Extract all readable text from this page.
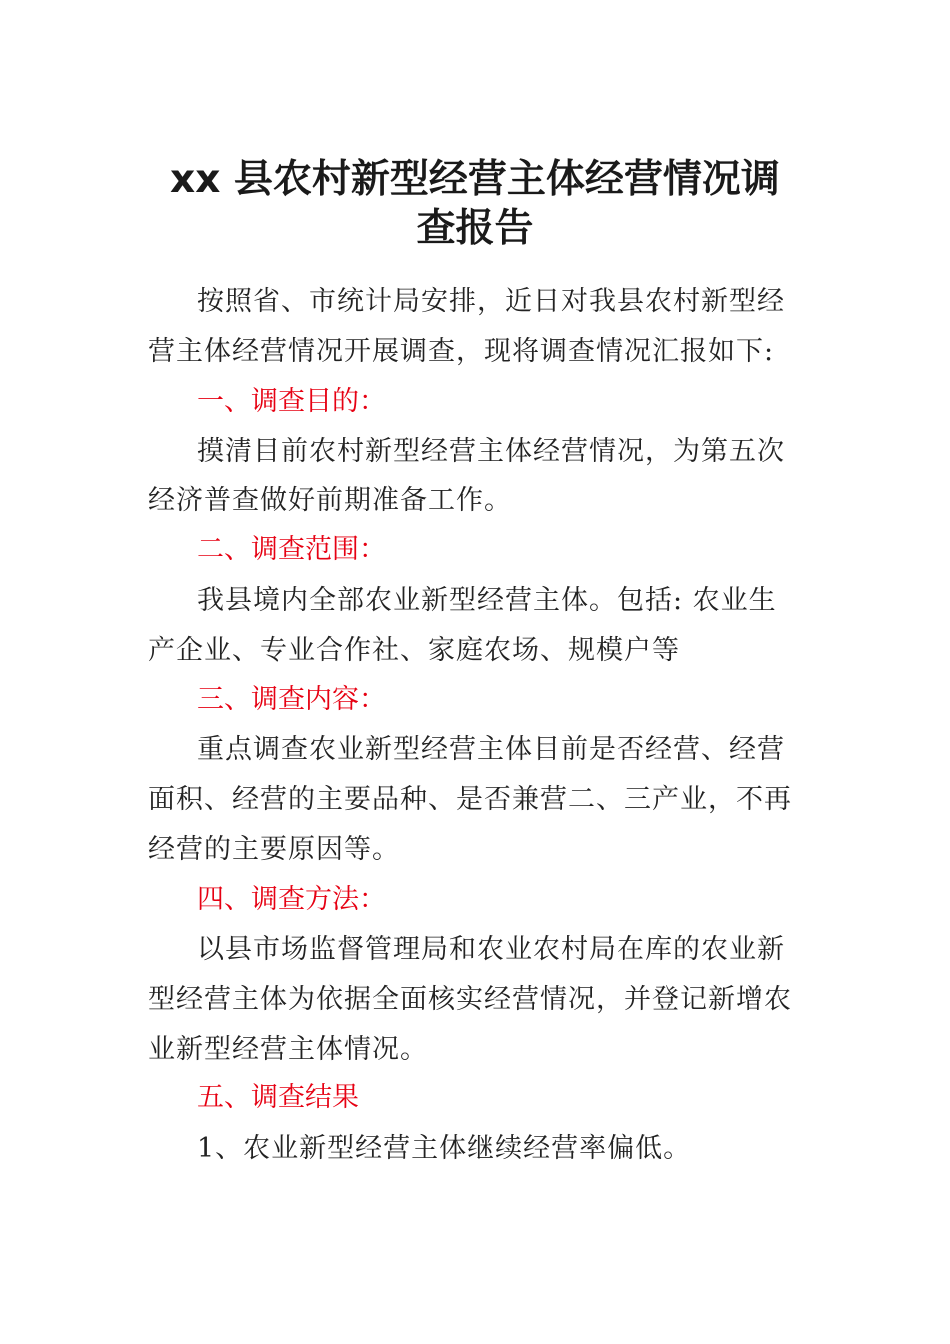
xx 县农村新型经营主体经营情况调
查报告
按照省、市统计局安排，近日对我县农村新型经
营主体经营情况开展调查，现将调查情况汇报如下:
一、调查目的：
摸清目前农村新型经营主体经营情况，为第五次
经济普查做好前期准备工作。
二、调查范围：
我县境内全部农业新型经营主体。包括: 农业生
产企业、专业合作社、家庭农场、规模户等
三、调查内容：
重点调查农业新型经营主体目前是否经营、经营
面积、经营的主要品种、是否兼营二、三产业，不再
经营的主要原因等。
四、调查方法：
以县市场监督管理局和农业农村局在库的农业新
型经营主体为依据全面核实经营情况，并登记新增农
业新型经营主体情况。
五、调查结果
1、农业新型经营主体继续经营率偏低。
